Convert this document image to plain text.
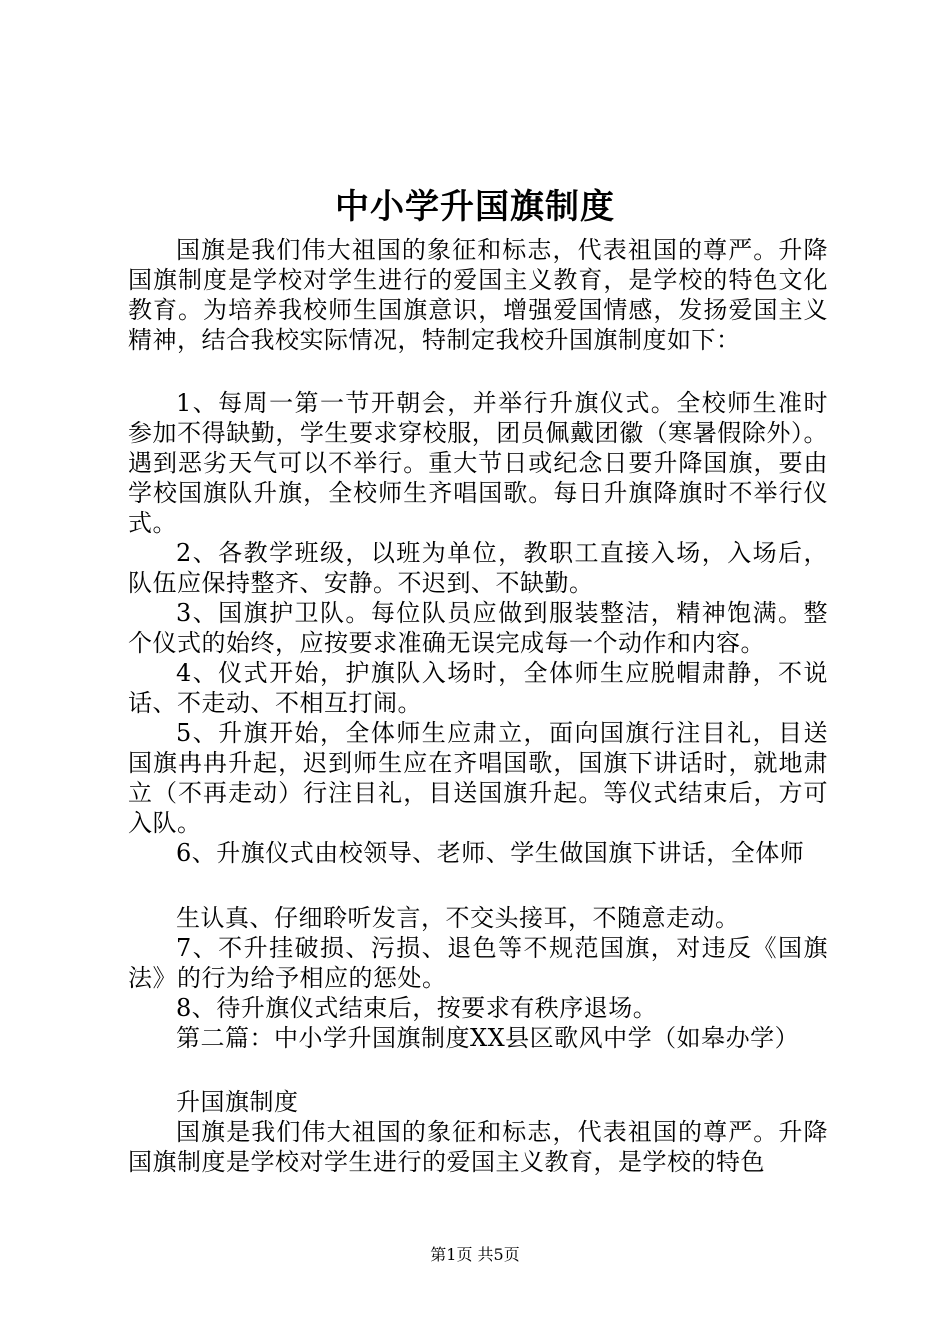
中小学升国旗制度

国旗是我们伟大祖国的象征和标志，代表祖国的尊严。升降国旗制度是学校对学生进行的爱国主义教育，是学校的特色文化教育。为培养我校师生国旗意识，增强爱国情感，发扬爱国主义精神，结合我校实际情况，特制定我校升国旗制度如下：

1、每周一第一节开朝会，并举行升旗仪式。全校师生准时参加不得缺勤，学生要求穿校服，团员佩戴团徽（寒暑假除外）。遇到恶劣天气可以不举行。重大节日或纪念日要升降国旗，要由学校国旗队升旗，全校师生齐唱国歌。每日升旗降旗时不举行仪式。

2、各教学班级，以班为单位，教职工直接入场，入场后，队伍应保持整齐、安静。不迟到、不缺勤。

3、国旗护卫队。每位队员应做到服装整洁，精神饱满。整个仪式的始终，应按要求准确无误完成每一个动作和内容。

4、仪式开始，护旗队入场时，全体师生应脱帽肃静，不说话、不走动、不相互打闹。

5、升旗开始，全体师生应肃立，面向国旗行注目礼，目送国旗冉冉升起，迟到师生应在齐唱国歌，国旗下讲话时，就地肃立（不再走动）行注目礼，目送国旗升起。等仪式结束后，方可入队。

6、升旗仪式由校领导、老师、学生做国旗下讲话，全体师

生认真、仔细聆听发言，不交头接耳，不随意走动。

7、不升挂破损、污损、退色等不规范国旗，对违反《国旗法》的行为给予相应的惩处。

8、待升旗仪式结束后，按要求有秩序退场。

第二篇：中小学升国旗制度XX县区歌风中学（如皋办学）

升国旗制度

国旗是我们伟大祖国的象征和标志，代表祖国的尊严。升降国旗制度是学校对学生进行的爱国主义教育，是学校的特色

第1页 共5页
